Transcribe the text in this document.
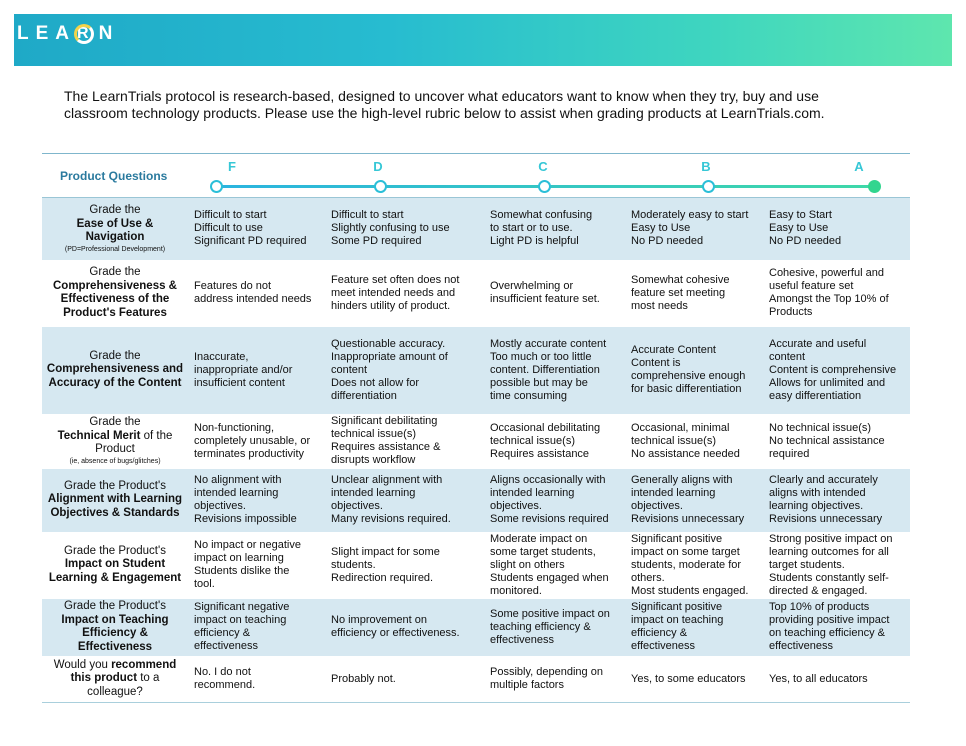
LEA R N
The LearnTrials protocol is research-based, designed to uncover what educators want to know when they try, buy and use classroom technology products. Please use the high-level rubric below to assist when grading products at LearnTrials.com.
Product Questions
F	D	C	B	A
Grade the
Ease of Use & Navigation
(PD=Professional Development)	Difficult to start
Difficult to use
Significant PD required	Difficult to start
Slightly confusing to use
Some PD required	Somewhat confusing
to start or to use.
Light PD is helpful	Moderately easy to start
Easy to Use
No PD needed	Easy to Start
Easy to Use
No PD needed
Grade the
Comprehensiveness & Effectiveness of the Product's Features	Features do not
address intended needs	Feature set often does not
meet intended needs and
hinders utility of product.	Overwhelming or
insufficient feature set.	Somewhat cohesive
feature set meeting
most needs	Cohesive, powerful and
useful feature set
Amongst the Top 10% of
Products
Grade the
Comprehensiveness and Accuracy of the Content	Inaccurate,
inappropriate and/or
insufficient content	Questionable accuracy.
Inappropriate amount of
content
Does not allow for
differentiation	Mostly accurate content
Too much or too little
content. Differentiation
possible but may be
time consuming	Accurate Content
Content is
comprehensive enough
for basic differentiation	Accurate and useful
content
Content is comprehensive
Allows for unlimited and
easy differentiation
Grade the
Technical Merit of the Product
(ie, absence of bugs/glitches)	Non-functioning,
completely unusable, or
terminates productivity	Significant debilitating
technical issue(s)
Requires assistance &
disrupts workflow	Occasional debilitating
technical issue(s)
Requires assistance	Occasional, minimal
technical issue(s)
No assistance needed	No technical issue(s)
No technical assistance
required
Grade the Product's
Alignment with Learning Objectives & Standards	No alignment with
intended learning
objectives.
Revisions impossible	Unclear alignment with
intended learning
objectives.
Many revisions required.	Aligns occasionally with
intended learning
objectives.
Some revisions required	Generally aligns with
intended learning
objectives.
Revisions unnecessary	Clearly and accurately
aligns with intended
learning objectives.
Revisions unnecessary
Grade the Product's
Impact on Student Learning & Engagement	No impact or negative
impact on learning
Students dislike the
tool.	Slight impact for some
students.
Redirection required.	Moderate impact on
some target students,
slight on others
Students engaged when
monitored.	Significant positive
impact on some target
students, moderate for
others.
Most students engaged.	Strong positive impact on
learning outcomes for all
target students.
Students constantly self-
directed & engaged.
Grade the Product's
Impact on Teaching Efficiency & Effectiveness	Significant negative
impact on teaching
efficiency &
effectiveness	No improvement on
efficiency or effectiveness.	Some positive impact on
teaching efficiency &
effectiveness	Significant positive
impact on teaching
efficiency &
effectiveness	Top 10% of products
providing positive impact
on teaching efficiency &
effectiveness
Would you recommend this product to a colleague?	No. I do not
recommend.	Probably not.	Possibly, depending on
multiple factors	Yes, to some educators	Yes, to all educators
